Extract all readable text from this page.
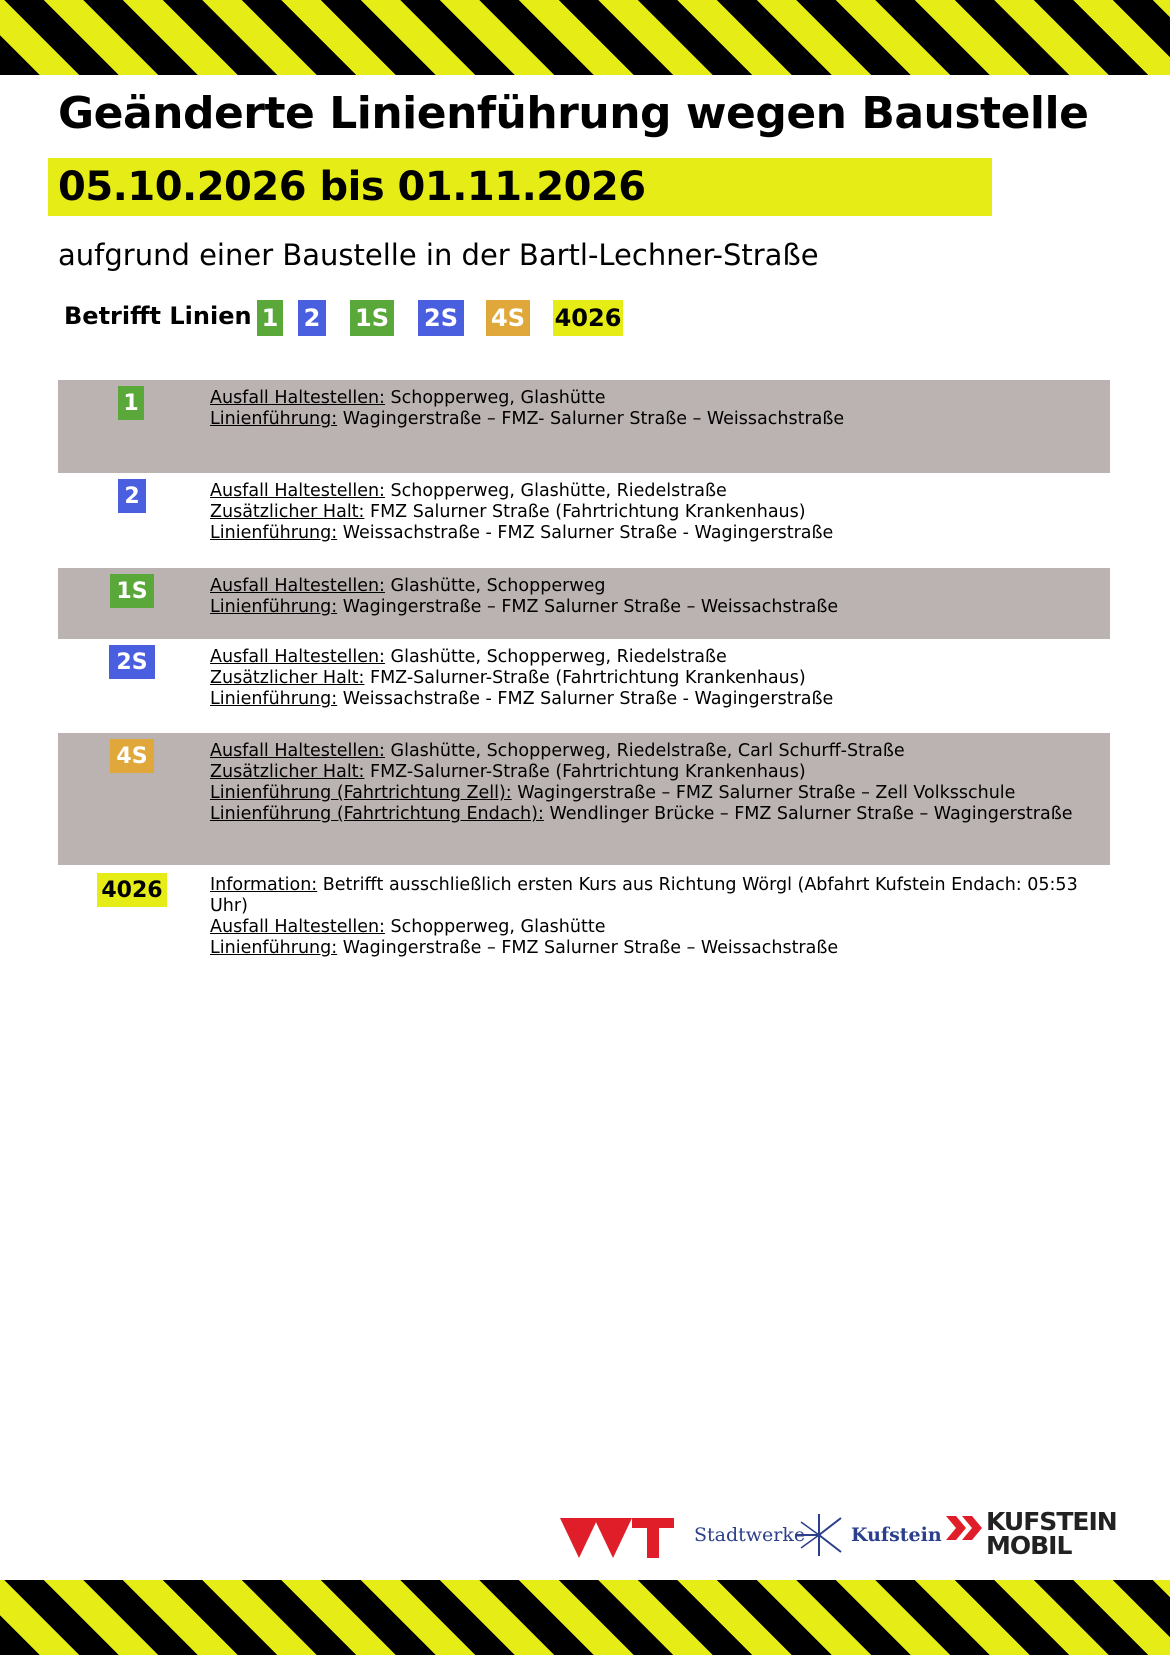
Geänderte Linienführung wegen Baustelle
05.10.2026 bis 01.11.2026
aufgrund einer Baustelle in der Bartl-Lechner-Straße
Betrifft Linien 1 2 1S 2S 4S 4026
1	Ausfall Haltestellen: Schopperweg, Glashütte
Linienführung: Wagingerstraße – FMZ- Salurner Straße – Weissachstraße
2	Ausfall Haltestellen: Schopperweg, Glashütte, Riedelstraße
Zusätzlicher Halt: FMZ Salurner Straße (Fahrtrichtung Krankenhaus)
Linienführung: Weissachstraße - FMZ Salurner Straße - Wagingerstraße
1S	Ausfall Haltestellen: Glashütte, Schopperweg
Linienführung: Wagingerstraße – FMZ Salurner Straße – Weissachstraße
2S	Ausfall Haltestellen: Glashütte, Schopperweg, Riedelstraße
Zusätzlicher Halt: FMZ-Salurner-Straße (Fahrtrichtung Krankenhaus)
Linienführung: Weissachstraße - FMZ Salurner Straße - Wagingerstraße
4S	Ausfall Haltestellen: Glashütte, Schopperweg, Riedelstraße, Carl Schurff-Straße
Zusätzlicher Halt: FMZ-Salurner-Straße (Fahrtrichtung Krankenhaus)
Linienführung (Fahrtrichtung Zell): Wagingerstraße – FMZ Salurner Straße – Zell Volksschule
Linienführung (Fahrtrichtung Endach): Wendlinger Brücke – FMZ Salurner Straße – Wagingerstraße
4026	Information: Betrifft ausschließlich ersten Kurs aus Richtung Wörgl (Abfahrt Kufstein Endach: 05:53 Uhr)
Ausfall Haltestellen: Schopperweg, Glashütte
Linienführung: Wagingerstraße – FMZ Salurner Straße – Weissachstraße
Stadtwerke Kufstein KUFSTEIN
MOBIL
